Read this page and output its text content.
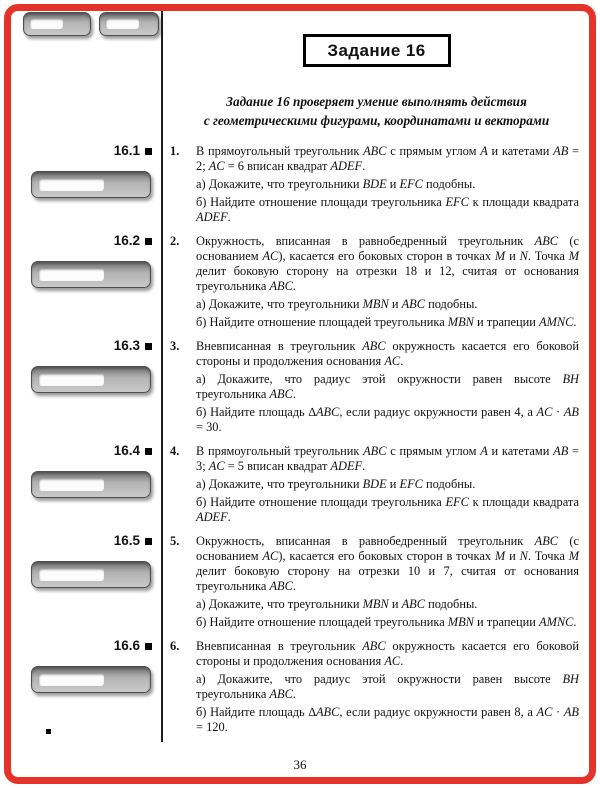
Задание 16
Задание 16 проверяет умение выполнять действия
с геометрическими фигурами, координатами и векторами
16.1	1.	В прямоугольный треугольник ABC с прямым углом A и катетами AB = 2; AC = 6 вписан квадрат ADEF.
а) Докажите, что треугольники BDE и EFC подобны.
б) Найдите отношение площади треугольника EFC к площади квадрата ADEF.
16.2	2.	Окружность, вписанная в равнобедренный треугольник ABC (с основанием AC), касается его боковых сторон в точках M и N. Точка M делит боковую сторону на отрезки 18 и 12, считая от основания треугольника ABC.
а) Докажите, что треугольники MBN и ABC подобны.
б) Найдите отношение площадей треугольника MBN и трапеции AMNC.
16.3	3.	Вневписанная в треугольник ABC окружность касается его боковой стороны и продолжения основания AC.
а) Докажите, что радиус этой окружности равен высоте BH треугольника ABC.
б) Найдите площадь ∆ABC, если радиус окружности равен 4, а AC · AB = 30.
16.4	4.	В прямоугольный треугольник ABC с прямым углом A и катетами AB = 3; AC = 5 вписан квадрат ADEF.
а) Докажите, что треугольники BDE и EFC подобны.
б) Найдите отношение площади треугольника EFC к площади квадрата ADEF.
16.5	5.	Окружность, вписанная в равнобедренный треугольник ABC (с основанием AC), касается его боковых сторон в точках M и N. Точка M делит боковую сторону на отрезки 10 и 7, считая от основания треугольника ABC.
а) Докажите, что треугольники MBN и ABC подобны.
б) Найдите отношение площадей треугольника MBN и трапеции AMNC.
16.6	6.	Вневписанная в треугольник ABC окружность касается его боковой стороны и продолжения основания AC.
а) Докажите, что радиус этой окружности равен высоте BH треугольника ABC.
б) Найдите площадь ∆ABC, если радиус окружности равен 8, а AC · AB = 120.
36
